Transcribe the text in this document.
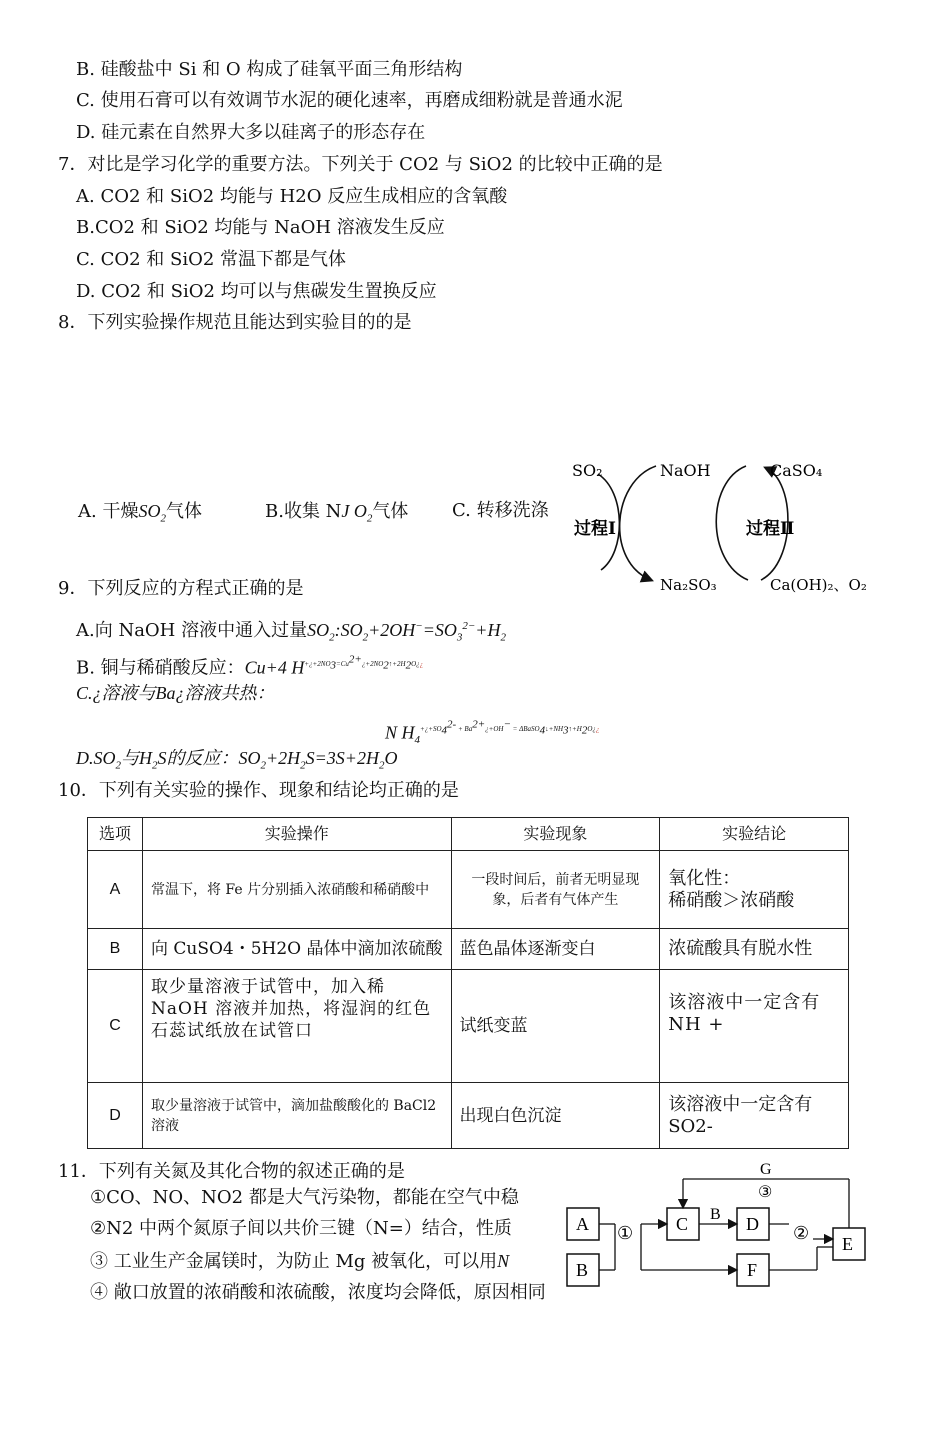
B. 硅酸盐中 Si 和 O 构成了硅氧平面三角形结构
C. 使用石膏可以有效调节水泥的硬化速率，再磨成细粉就是普通水泥
D. 硅元素在自然界大多以硅离子的形态存在
7．对比是学习化学的重要方法。下列关于 CO2 与 SiO2 的比较中正确的是
A. CO2 和 SiO2 均能与 H2O 反应生成相应的含氧酸
B.CO2 和 SiO2 均能与 NaOH 溶液发生反应
C. CO2 和 SiO2 常温下都是气体
D. CO2 和 SiO2 均可以与焦碳发生置换反应
8．下列实验操作规范且能达到实验目的的是
A. 干燥$SO_2$气体	B.收集 NJ $O_2$气体 C. 转移洗涤
SO₂	NaOH	CaSO₄
过程Ⅰ	过程Ⅱ
Na₂SO₃	Ca(OH)₂、O₂
9．下列反应的方程式正确的是
A.向 NaOH 溶液中通入过量$SO_2:SO_2+2OH^-=SO_3^{2-}+H_2$
B. 铜与稀硝酸反应：Cu+4 $H^{+¿+2NO_3=Cu^{2+}¿+2NO_2↑+2H_2O¿¿}$
C.¿溶液与Ba¿溶液共热：
N $H_4^{+¿+SO_4^{2-} + Ba^{2+}¿+OH^- = \Delta BaSO_4↓+NH_3↑+H_2O¿¿}$
$D.SO_2$与$H_2S$的反应：$SO_2+2H_2S=3S+2H_2O$
10．下列有关实验的操作、现象和结论均正确的是
选项	实验操作	实验现象	实验结论
A	常温下，将 Fe 片分别插入浓硝酸和稀硝酸中	一段时间后，前者无明显现象，后者有气体产生	氧化性：
稀硝酸＞浓硝酸
B	向 CuSO4・5H2O 晶体中滴加浓硫酸	蓝色晶体逐渐变白	浓硫酸具有脱水性
C	取少量溶液于试管中，加入稀 NaOH 溶液并加热，将湿润的红色石蕊试纸放在试管口	试纸变蓝	该溶液中一定含有 NH +
D	取少量溶液于试管中，滴加盐酸酸化的 BaCl2 溶液	出现白色沉淀	该溶液中一定含有 SO2-
11．下列有关氮及其化合物的叙述正确的是
①CO、NO、NO2 都是大气污染物，都能在空气中稳
②N2 中两个氮原子间以共价三键（N=）结合，性质
③ 工业生产金属镁时，为防止 Mg 被氧化，可以用N
④ 敞口放置的浓硝酸和浓硫酸，浓度均会降低，原因相同
A
B
C	D
F
E
①
B
②
G
③
